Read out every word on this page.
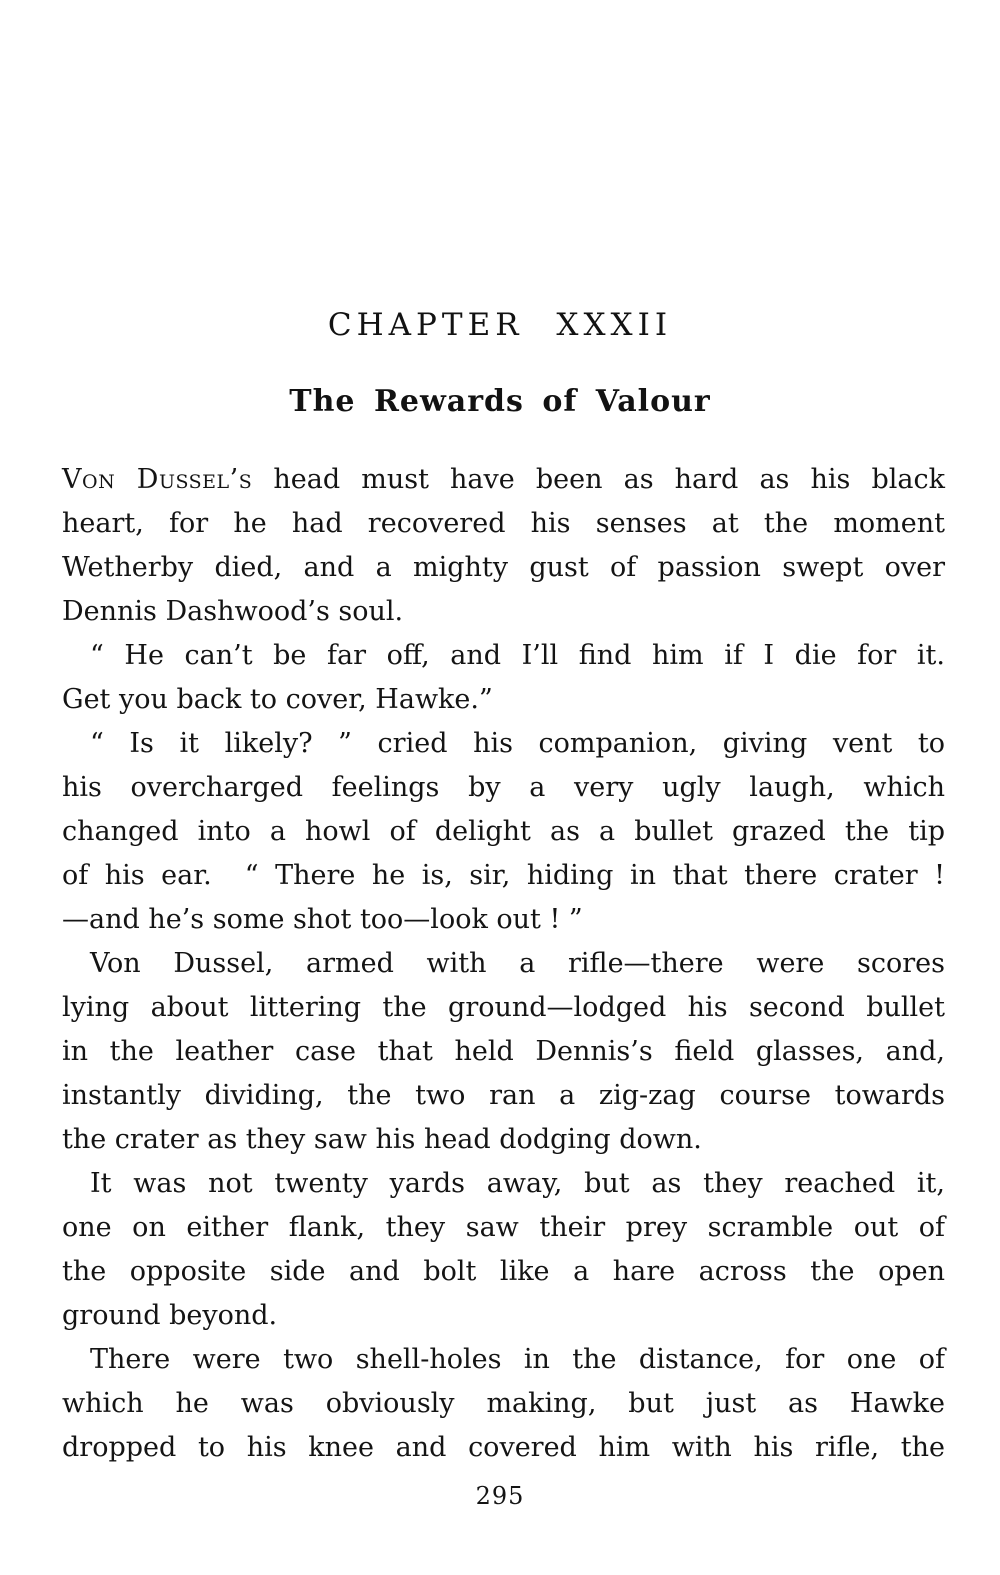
CHAPTER XXXII
The Rewards of Valour
Von Dussel’s head must have been as hard as his black
heart, for he had recovered his senses at the moment
Wetherby died, and a mighty gust of passion swept over
Dennis Dashwood’s soul.
“ He can’t be far off, and I’ll find him if I die for it.
Get you back to cover, Hawke.”
“ Is it likely? ” cried his companion, giving vent to
his overcharged feelings by a very ugly laugh, which
changed into a howl of delight as a bullet grazed the tip
of his ear.  “ There he is, sir, hiding in that there crater !
—and he’s some shot too—look out ! ”
Von Dussel, armed with a rifle—there were scores
lying about littering the ground—lodged his second bullet
in the leather case that held Dennis’s field glasses, and,
instantly dividing, the two ran a zig-zag course towards
the crater as they saw his head dodging down.
It was not twenty yards away, but as they reached it,
one on either flank, they saw their prey scramble out of
the opposite side and bolt like a hare across the open
ground beyond.
There were two shell-holes in the distance, for one of
which he was obviously making, but just as Hawke
dropped to his knee and covered him with his rifle, the
295
